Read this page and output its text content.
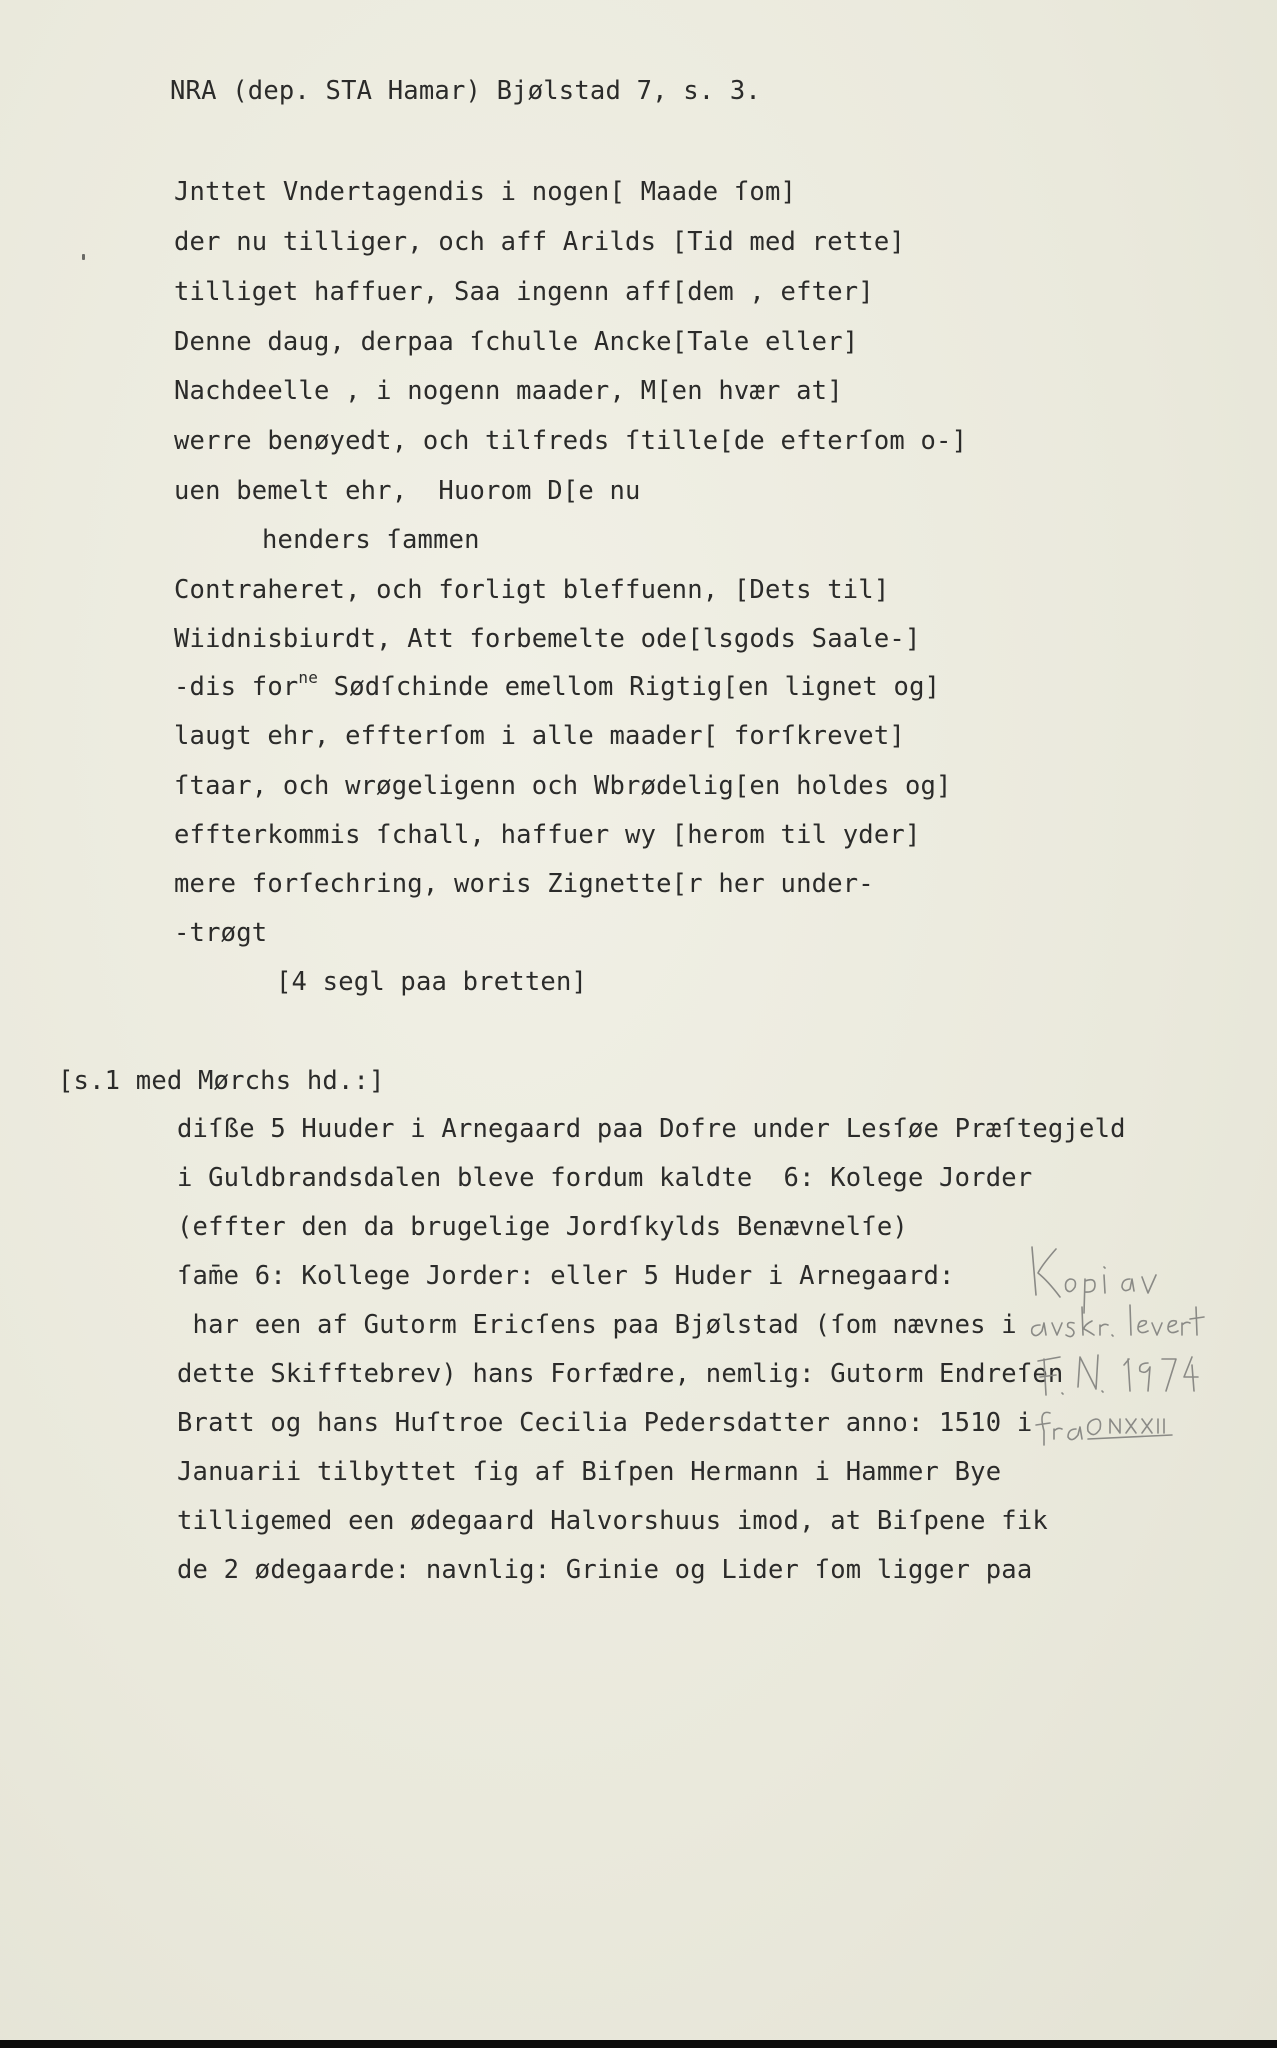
NRA (dep. STA Hamar) Bjølstad 7, s. 3.
Jnttet Vndertagendis i nogen[ Maade ſom]
der nu tilliger, och aff Arilds [Tid med rette]
tilliget haffuer, Saa ingenn aff[dem , efter]
Denne daug, derpaa ſchulle Ancke[Tale eller]
Nachdeelle , i nogenn maader, M[en hvær at]
werre benøyedt, och tilfreds ſtille[de efterſom o-]
uen bemelt ehr,  Huorom D[e nu
henders ſammen
Contraheret, och forligt bleffuenn, [Dets til]
Wiidnisbiurdt, Att forbemelte ode[lsgods Saale-]
-dis for$^{ne}$ Sødſchinde emellom Rigtig[en lignet og]
laugt ehr, effterſom i alle maader[ forſkrevet]
ſtaar, och wrøgeligenn och Wbrødelig[en holdes og]
effterkommis ſchall, haffuer wy [herom til yder]
mere forſechring, woris Zignette[r her under-
-trøgt
[4 segl paa bretten]
[s.1 med Mørchs hd.:]
diſße 5 Huuder i Arnegaard paa Dofre under Lesſøe Præſtegjeld
i Guldbrandsdalen bleve fordum kaldte  6: Kolege Jorder
(effter den da brugelige Jordſkylds Benævnelſe)
ſam̄e 6: Kollege Jorder: eller 5 Huder i Arnegaard:
har een af Gutorm Ericſens paa Bjølstad (ſom nævnes i
dette Skifftebrev) hans Forfædre, nemlig: Gutorm Endreſen
Bratt og hans Huſtroe Cecilia Pedersdatter anno: 1510 i
Januarii tilbyttet ſig af Biſpen Hermann i Hammer Bye
tilligemed een ødegaard Halvorshuus imod, at Biſpene fik
de 2 ødegaarde: navnlig: Grinie og Lider ſom ligger paa
